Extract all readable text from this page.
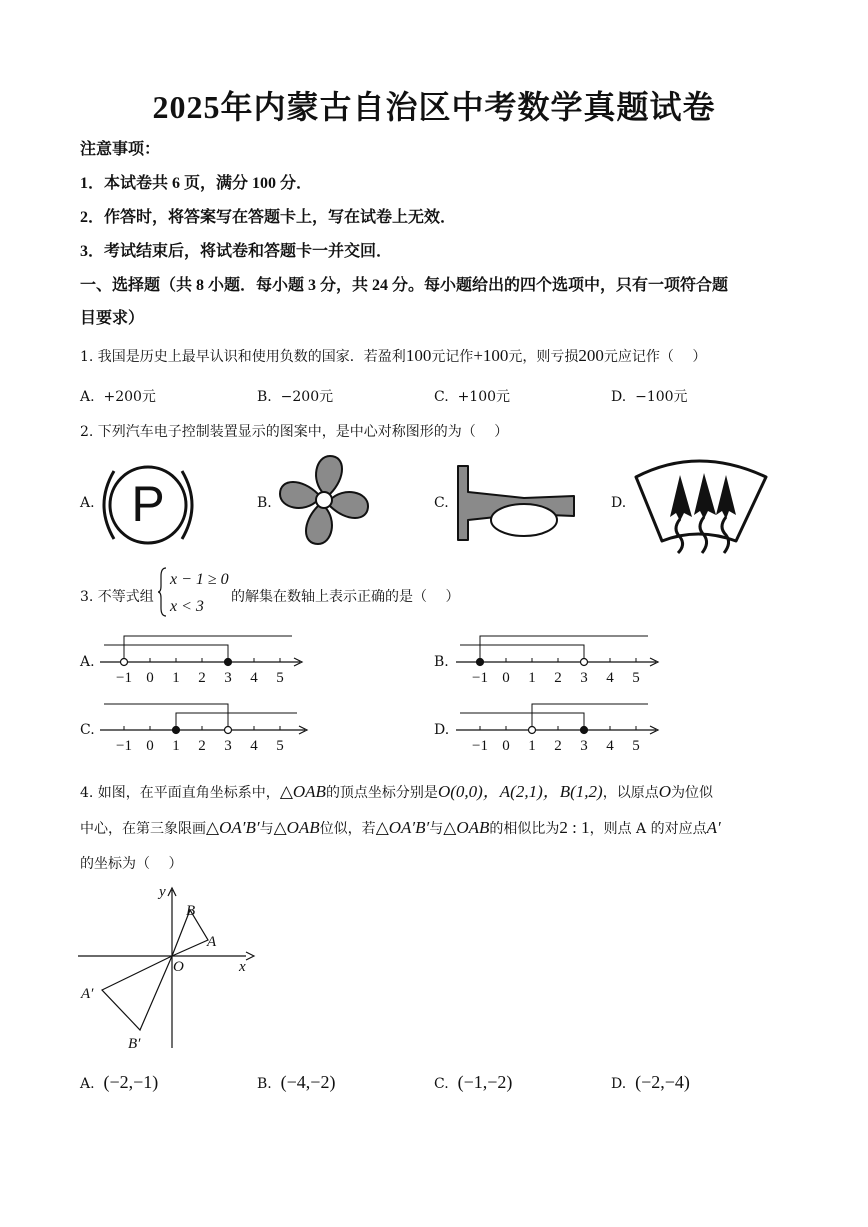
2025年内蒙古自治区中考数学真题试卷
注意事项：
1．本试卷共 6 页，满分 100 分．
2．作答时，将答案写在答题卡上，写在试卷上无效．
3．考试结束后，将试卷和答题卡一并交回．
一、选择题（共 8 小题．每小题 3 分，共 24 分。每小题给出的四个选项中，只有一项符合题
目要求）
1. 我国是历史上最早认识和使用负数的国家．若盈利100元记作+100元，则亏损200元应记作（　 ）
A. +200元	B. −200元	C. +100元	D. −100元
2. 下列汽车电子控制装置显示的图案中，是中心对称图形的为（　 ）
A. P	B.	C.	D.
3. 不等式组
x − 1 ≥ 0
x < 3
的解集在数轴上表示正确的是（　 ）
A.
−1 0 1 2 3 4 5
B.
−1 0 1 2 3 4 5
C.
−1 0 1 2 3 4 5
D.
−1 0 1 2 3 4 5
4. 如图，在平面直角坐标系中，△OAB的顶点坐标分别是O(0,0)，A(2,1)，B(1,2)，以原点O为位似
中心，在第三象限画△OA′B′与△OAB位似，若△OA′B′与△OAB的相似比为2 : 1，则点 A 的对应点A′
的坐标为（　 ）
y
x
O
A
B
A′
B′
A. (−2,−1)	B. (−4,−2)	C. (−1,−2)	D. (−2,−4)
